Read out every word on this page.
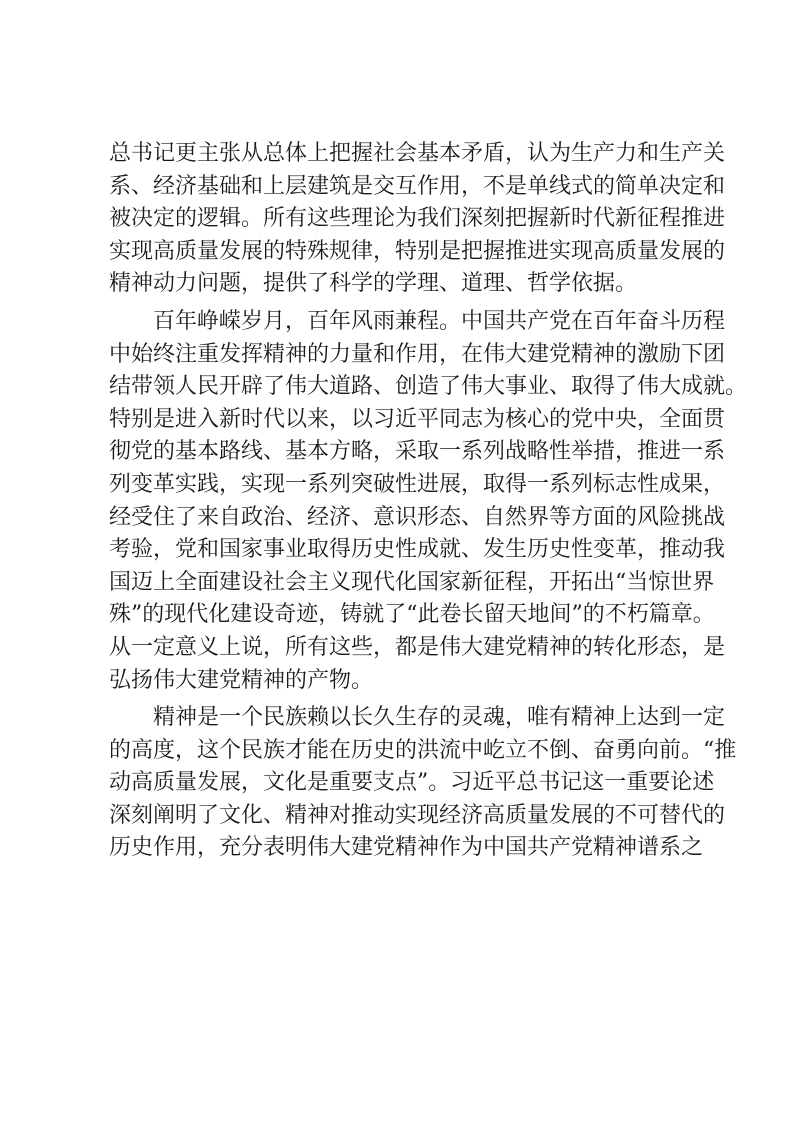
总书记更主张从总体上把握社会基本矛盾，认为生产力和生产关
系、经济基础和上层建筑是交互作用，不是单线式的简单决定和
被决定的逻辑。所有这些理论为我们深刻把握新时代新征程推进
实现高质量发展的特殊规律，特别是把握推进实现高质量发展的
精神动力问题，提供了科学的学理、道理、哲学依据。
百年峥嵘岁月，百年风雨兼程。中国共产党在百年奋斗历程
中始终注重发挥精神的力量和作用，在伟大建党精神的激励下团
结带领人民开辟了伟大道路、创造了伟大事业、取得了伟大成就。
特别是进入新时代以来，以习近平同志为核心的党中央，全面贯
彻党的基本路线、基本方略，采取一系列战略性举措，推进一系
列变革实践，实现一系列突破性进展，取得一系列标志性成果，
经受住了来自政治、经济、意识形态、自然界等方面的风险挑战
考验，党和国家事业取得历史性成就、发生历史性变革，推动我
国迈上全面建设社会主义现代化国家新征程，开拓出“当惊世界
殊”的现代化建设奇迹，铸就了“此卷长留天地间”的不朽篇章。
从一定意义上说，所有这些，都是伟大建党精神的转化形态，是
弘扬伟大建党精神的产物。
精神是一个民族赖以长久生存的灵魂，唯有精神上达到一定
的高度，这个民族才能在历史的洪流中屹立不倒、奋勇向前。“推
动高质量发展，文化是重要支点”。习近平总书记这一重要论述
深刻阐明了文化、精神对推动实现经济高质量发展的不可替代的
历史作用，充分表明伟大建党精神作为中国共产党精神谱系之
